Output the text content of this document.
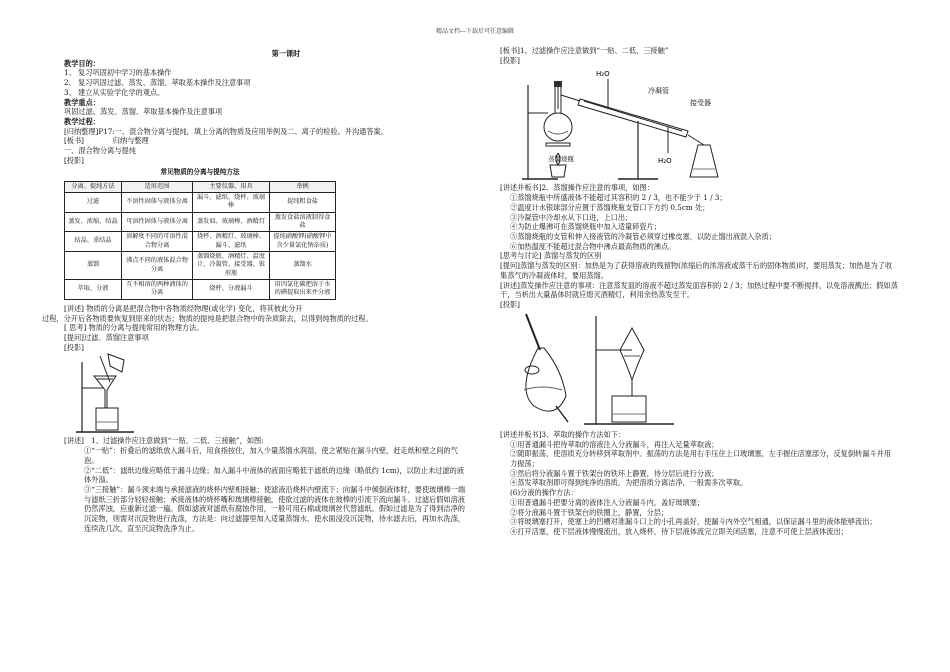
精品文档---下载后可任意编辑

第一课时

教学目的：

1、 复习巩固初中学习的基本操作

2、 复习巩固过滤、蒸发、蒸馏、萃取基本操作及注意事项

3、 建立从实验学化学的观点。

教学重点：

巩固过滤、蒸发、蒸馏、萃取基本操作及注意事项

教学过程：

[归纳整理]P17:一、混合物分离与提纯，填上分离的物质及应用举例及二、离子的检验。并沟通答案。

[板书]　　　　归纳与整理

一、混合物分离与提纯

[投影]

常见物质的分离与提纯方法
分离、提纯方法	适用范围	主要仪器、用具	举例
过滤	不溶性固体与液体分离	漏斗、滤纸、烧杯、玻璃棒	提纯粗食盐
蒸发、浓缩、结晶	可溶性固体与液体分离	蒸发皿、玻璃棒、酒精灯	蒸发食盐溶液制得食盐
结晶、重结晶	溶解度不同的可溶性混合物分离	烧杯、酒精灯、玻璃棒、漏斗、滤纸	提纯硝酸钾(硝酸钾中含少量氯化钠杂质)
蒸馏	沸点不同的液体混合物分离	蒸馏烧瓶、酒精灯、温度计、冷凝管、接受器、锥形瓶	蒸馏水
萃取、分液	互不相溶的两种液体的分离	烧杯、分液漏斗	用四氯化碳把溶于水的碘提取出来并分液

[讲述] 物质的分离是把混合物中各物质经物理(或化学) 变化，将其彼此分开

过程，分开后各物质要恢复到原来的状态；物质的提纯是把混合物中的杂质除去，以得到纯物质的过程。

[ 思考] 物质的分离与提纯常用的物理方法。

[提问]过滤、蒸馏注意事项

[投影]

[讲述]　1、过滤操作应注意做到“一贴、二低、三接触”，如图:

①“一贴”：折叠后的滤纸放入漏斗后，用食指按住，加入少量蒸馏水润湿，使之紧贴在漏斗内壁，赶走纸和壁之间的气泡。

②“二低”：滤纸边缘应略低于漏斗边缘；加入漏斗中液体的液面应略低于滤纸的边缘（略低约 1cm)，以防止未过滤的液体外溢。

③“三接触”：漏斗颈末端与承接滤液的烧杯内壁相接触；使滤液沿烧杯内壁流下；向漏斗中倾倒液体时，要使玻璃棒一端与滤纸三折部分轻轻接触；承接液体的烧杯嘴和玻璃棒接触，使欲过滤的液体在玻棒的引流下流向漏斗。过滤后假如溶液仍然浑浊，应重新过滤一遍。假如滤液对滤纸有腐蚀作用，一般可用石棉或玻璃丝代替滤纸。假如过滤是为了得到洁净的沉淀物，则需对沉淀物进行洗涤，方法是：向过滤器里加入适量蒸馏水，使水面浸没沉淀物，待水滤去后，再加水洗涤，连续洗几次，直至沉淀物洗净为止。

[板书]1、过滤操作应注意做到“一贴、二低、三接触”

[投影]

H₂O
冷凝管
接受器
蒸馏烧瓶	H₂O

[讲述并板书]2、蒸馏操作应注意的事项，如图：

①蒸馏烧瓶中所盛液体不能超过其容积的 2 / 3，也不能少于 1 / 3；

②温度计水银球部分应置于蒸馏烧瓶支管口下方约 0.5cm 处；

③冷凝管中冷却水从下口进，上口出；

④为防止爆沸可在蒸馏烧瓶中加入适量碎瓷片；

⑤蒸馏烧瓶的支管和伸入接液管的冷凝管必须穿过橡皮塞，以防止馏出液混入杂质；

⑥加热温度不能超过混合物中沸点最高物质的沸点。

[思考与讨论] 蒸馏与蒸发的区别

[提问]蒸馏与蒸发的区别：加热是为了获得溶液的残留物(浓缩后的浓溶液或蒸干后的固体物质)时，要用蒸发；加热是为了收集蒸气的冷凝液体时，要用蒸馏。

[讲述]蒸发操作应注意的事项：注意蒸发皿的溶液不超过蒸发皿容积的 2 / 3；加热过程中要不断搅拌，以免溶液溅出；假如蒸干，当析出大量晶体时就应熄灭酒精灯，利用余热蒸发至干。

[投影]

[讲述并板书]3、萃取的操作方法如下：

①用普通漏斗把待萃取的溶液注入分液漏斗，再注入足量萃取液；

②随即振荡，使溶质充分转移到萃取剂中。振荡的方法是用右手压住上口玻璃塞，左手握住活塞部分，反复倒转漏斗并用力振荡；

③然后将分液漏斗置于铁架台的铁环上静置，待分层后进行分液；

④蒸发萃取剂即可得到纯净的溶质。为把溶质分离洁净，一般需多次萃取。

(6)分液的操作方法：

①用普通漏斗把要分离的液体注入分液漏斗内，盖好玻璃塞；

②将分液漏斗置于铁架台的铁圈上，静置，分层；

③将玻璃塞打开，使塞上的凹槽对准漏斗口上的小孔再盖好，使漏斗内外空气相通，以保证漏斗里的液体能够流出；

④打开活塞，使下层液体慢慢流出，放入烧杯，待下层液体流完立即关闭活塞，注意不可使上层液体流出；
